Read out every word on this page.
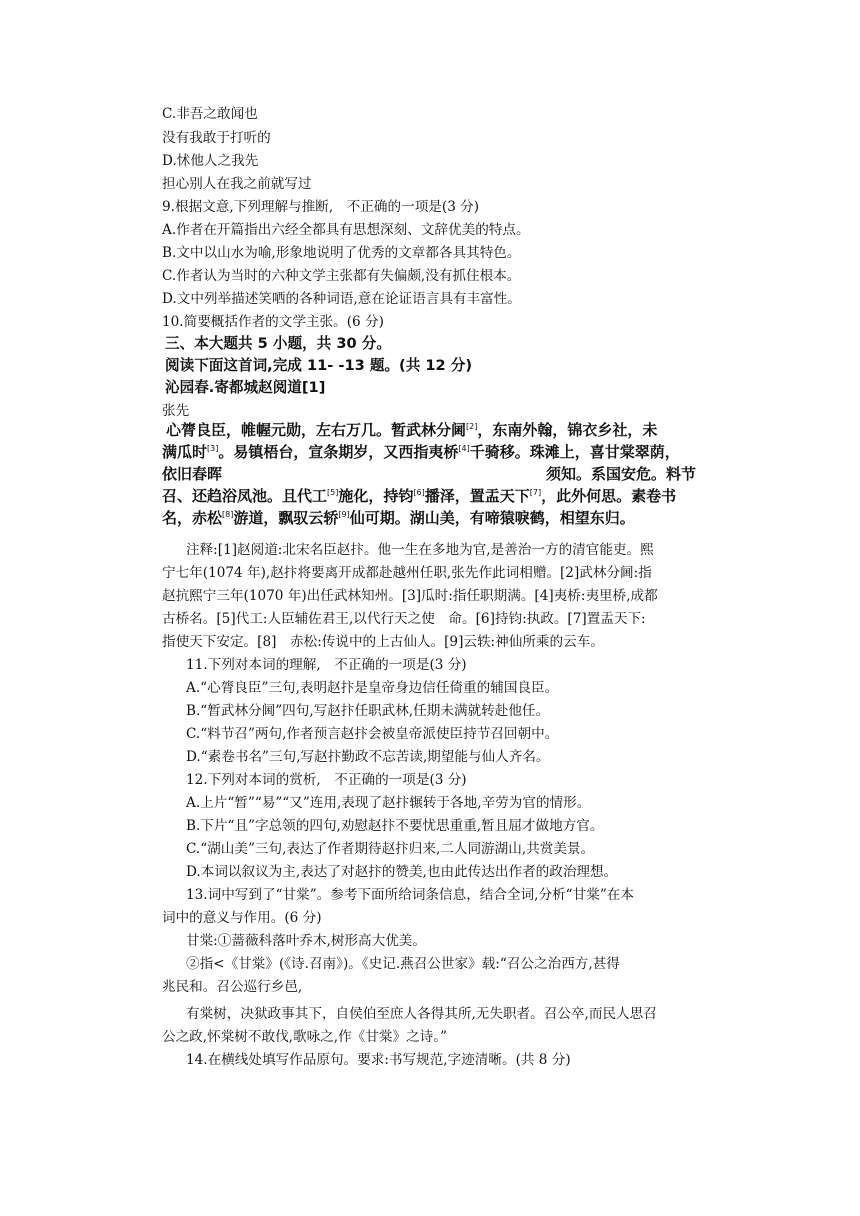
C.非吾之敢闻也
没有我敢于打听的
D.怵他人之我先
担心别人在我之前就写过
9.根据文意,下列理解与推断,　不正确的一项是(3 分)
A.作者在开篇指出六经全都具有思想深刻、文辞优美的特点。
B.文中以山水为喻,形象地说明了优秀的文章都各具其特色。
C.作者认为当时的六种文学主张都有失偏颇,没有抓住根本。
D.文中列举描述笑哂的各种词语,意在论证语言具有丰富性。
10.简要概括作者的文学主张。(6 分)
三、本大题共 5 小题，共 30 分。
阅读下面这首词,完成 11- -13 题。(共 12 分)
沁园春.寄都城赵阅道[1]
张先
心膂良臣，帷幄元勋，左右万几。暂武林分阃[2]，东南外翰，锦衣乡社，未
满瓜时[3]。易镇梧台，宣条期岁，又西指夷桥[4]千骑移。珠滩上，喜甘棠翠荫，
依旧春晖	须知。系国安危。料节
召、还趋浴凤池。且代工[5]施化，持钧[6]播泽，置盂天下[7]，此外何思。素卷书
名，赤松[8]游道，飘驭云轿[9]仙可期。湖山美，有啼猿唳鹤，相望东归。
注释:[1]赵阅道:北宋名臣赵抃。他一生在多地为官,是善治一方的清官能吏。熙
宁七年(1074 年),赵抃将要离开成都赴越州任职,张先作此词相赠。[2]武林分阃:指
赵抗熙宁三年(1070 年)出任武林知州。[3]瓜时:指任职期满。[4]夷桥:夷里桥,成都
古桥名。[5]代工:人臣辅佐君王,以代行天之使　命。[6]持钧:执政。[7]置盂天下:
指使天下安定。[8]　赤松:传说中的上古仙人。[9]云轶:神仙所乘的云车。
11.下列对本词的理解,　不正确的一项是(3 分)
A.“心膂良臣”三句,表明赵抃是皇帝身边信任倚重的辅国良臣。
B.“暂武林分阃”四句,写赵抃任职武林,任期未满就转赴他任。
C.“料节召”两句,作者预言赵抃会被皇帝派使臣持节召回朝中。
D.“素卷书名”三句,写赵抃勤政不忘苦读,期望能与仙人齐名。
12.下列对本词的赏析,　不正确的一项是(3 分)
A.上片“暂”“易”“又”连用,表现了赵抃辗转于各地,辛劳为官的情形。
B.下片“且”字总领的四句,劝慰赵抃不要忧思重重,暂且屈才做地方官。
C.“湖山美”三句,表达了作者期待赵抃归来,二人同游湖山,共赏美景。
D.本词以叙议为主,表达了对赵抃的赞美,也由此传达出作者的政治理想。
13.词中写到了“甘棠”。参考下面所给词条信息，结合全词,分析“甘棠”在本
词中的意义与作用。(6 分)
甘棠:①蔷薇科落叶乔木,树形高大优美。
②指<《甘棠》(《诗.召南》)。《史记.燕召公世家》载:“召公之治西方,甚得
兆民和。召公巡行乡邑,
有棠树，决狱政事其下，自侯伯至庶人各得其所,无失职者。召公卒,而民人思召
公之政,怀棠树不敢伐,歌咏之,作《甘棠》之诗。”
14.在横线处填写作品原句。要求:书写规范,字迹清晰。(共 8 分)
